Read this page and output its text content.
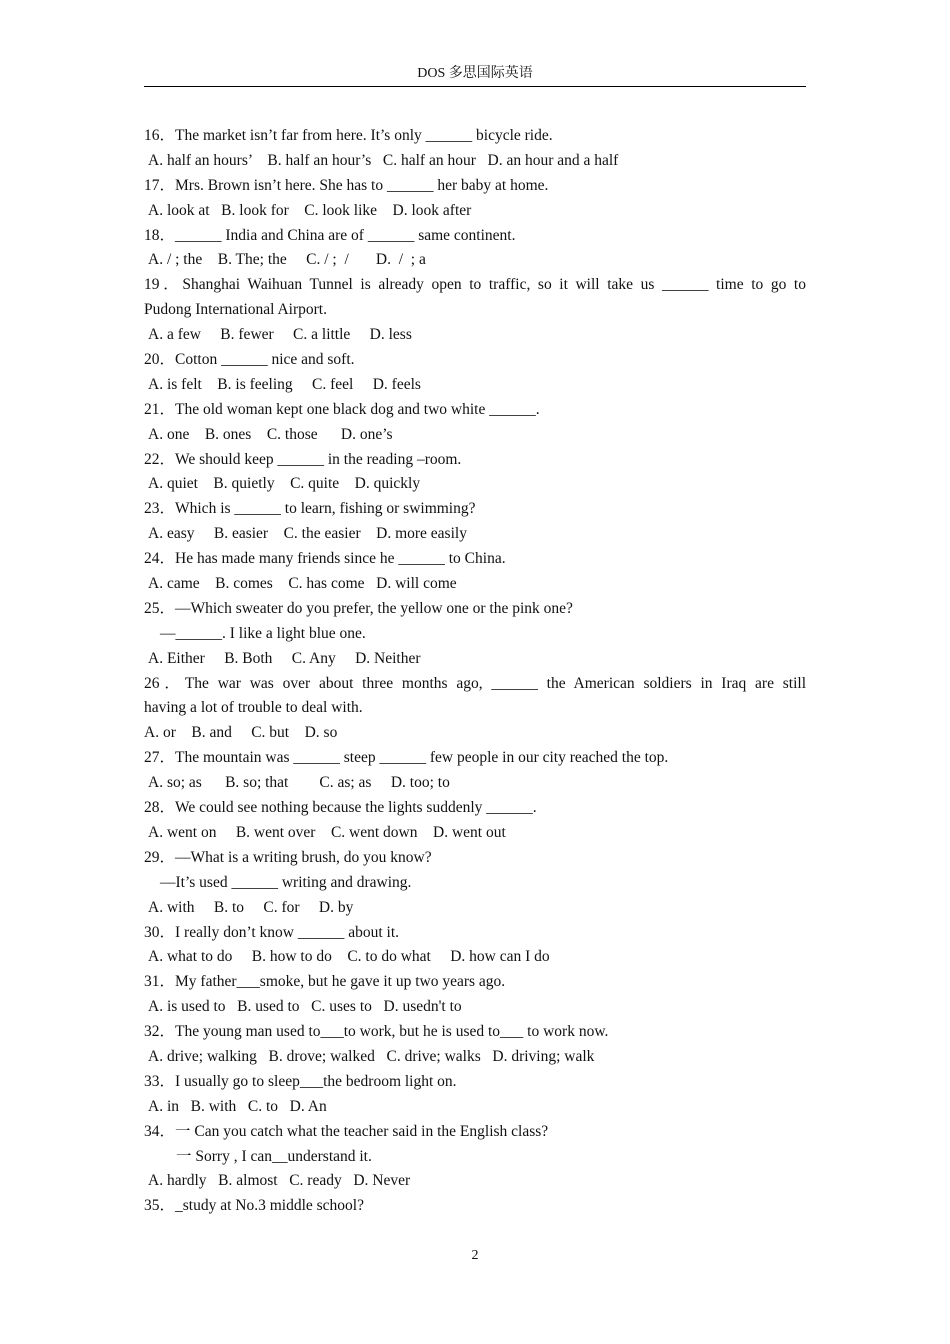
DOS 多思国际英语
16．The market isn’t far from here. It’s only ______ bicycle ride.
A. half an hours’    B. half an hour’s   C. half an hour   D. an hour and a half
17．Mrs. Brown isn’t here. She has to ______ her baby at home.
A. look at   B. look for    C. look like    D. look after
18．______ India and China are of ______ same continent.
A. / ; the    B. The; the     C. / ;  /       D.  /  ; a
19．Shanghai Waihuan Tunnel is already open to traffic, so it will take us ______ time to go to
Pudong International Airport.
A. a few     B. fewer     C. a little     D. less
20．Cotton ______ nice and soft.
A. is felt    B. is feeling     C. feel     D. feels
21．The old woman kept one black dog and two white ______.
A. one    B. ones    C. those      D. one’s
22．We should keep ______ in the reading –room.
A. quiet    B. quietly    C. quite    D. quickly
23．Which is ______ to learn, fishing or swimming?
A. easy     B. easier    C. the easier    D. more easily
24．He has made many friends since he ______ to China.
A. came    B. comes    C. has come   D. will come
25．—Which sweater do you prefer, the yellow one or the pink one?
—______. I like a light blue one.
A. Either     B. Both     C. Any     D. Neither
26．The war was over about three months ago, ______ the American soldiers in Iraq are still
having a lot of trouble to deal with.
A. or    B. and     C. but    D. so
27．The mountain was ______ steep ______ few people in our city reached the top.
A. so; as      B. so; that        C. as; as     D. too; to
28．We could see nothing because the lights suddenly ______.
A. went on     B. went over    C. went down    D. went out
29．—What is a writing brush, do you know?
—It’s used ______ writing and drawing.
A. with     B. to     C. for     D. by
30．I really don’t know ______ about it.
A. what to do     B. how to do    C. to do what     D. how can I do
31．My father___smoke, but he gave it up two years ago.
A. is used to   B. used to   C. uses to   D. usedn't to
32．The young man used to___to work, but he is used to___ to work now.
A. drive; walking   B. drove; walked   C. drive; walks   D. driving; walk
33．I usually go to sleep___the bedroom light on.
A. in   B. with   C. to   D. An
34．一 Can you catch what the teacher said in the English class?
一 Sorry , I can__understand it.
A. hardly   B. almost   C. ready   D. Never
35．_study at No.3 middle school?
2
